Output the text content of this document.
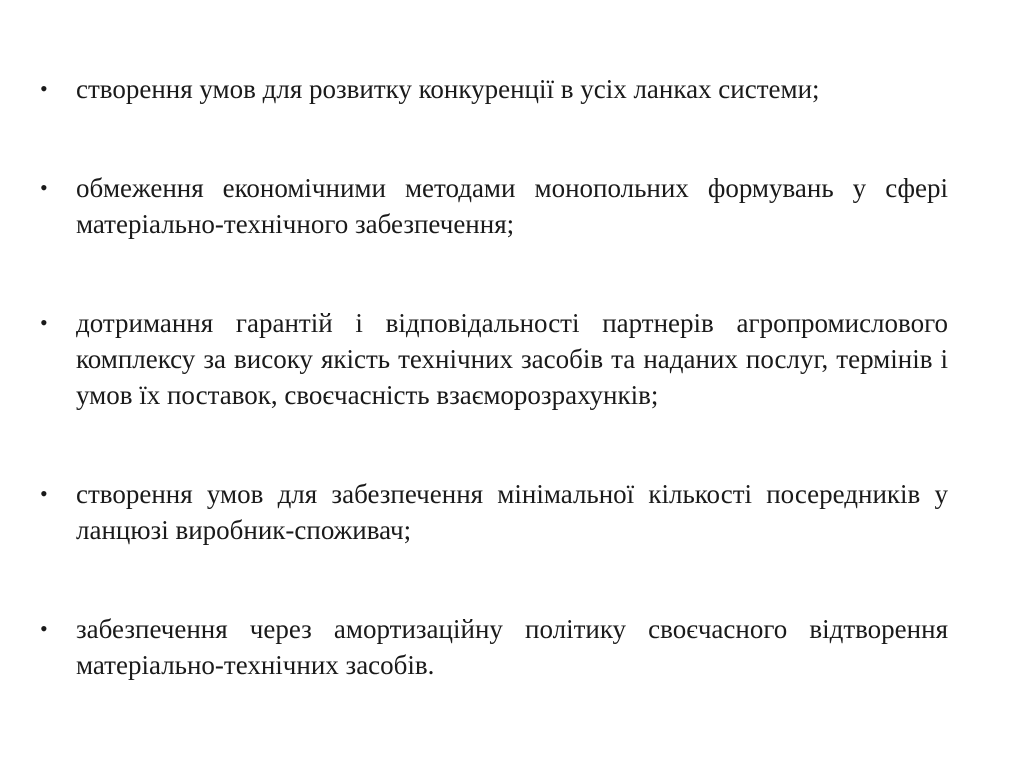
•	створення умов для розвитку конкуренції в усіх ланках системи;
•	обмеження економічними методами монопольних формувань у сфері матеріально-технічного забезпечення;
•	дотримання гарантій і відповідальності партнерів агропромислового комплексу за високу якість технічних засобів та наданих послуг, термінів і умов їх поставок, своєчасність взаєморозрахунків;
•	створення умов для забезпечення мінімальної кількості посередників у ланцюзі виробник-споживач;
•	забезпечення через амортизаційну політику своєчасного відтворення матеріально-технічних засобів.
